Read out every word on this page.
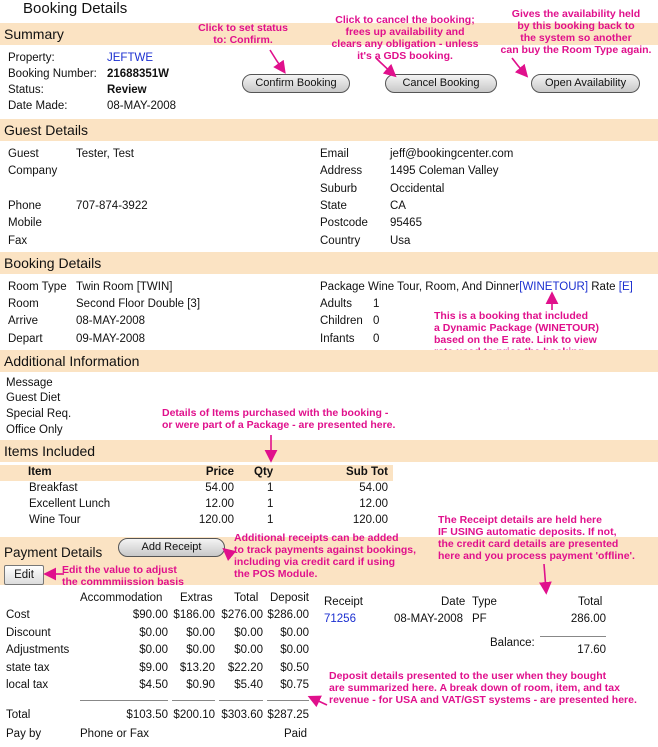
Booking Details
Summary
Property:	JEFTWE
Booking Number: 21688351W
Status:	Review
Date Made:	08-MAY-2008
Confirm Booking	Cancel Booking	Open Availability
Click to set status
to: Confirm.
Click to cancel the booking;
frees up availability and
clears any obligation - unless
it's a GDS booking.
Gives the availability held
by this booking back to
the system so another
can buy the Room Type again.
Guest Details
Guest	Tester, Test
Company
Phone	707-874-3922
Mobile
Fax
Email	jeff@bookingcenter.com
Address 1495 Coleman Valley
Suburb	Occidental
State	CA
Postcode 95465
Country	Usa
Booking Details
Room Type Twin Room [TWIN]
Room	Second Floor Double [3]
Arrive	08-MAY-2008
Depart	09-MAY-2008
Package Wine Tour, Room, And Dinner[WINETOUR] Rate [E]
Adults 1
Children 0
Infants 0
This is a booking that included
a Dynamic Package (WINETOUR)
based on the E rate. Link to view
Additional Information
Message
Guest Diet
Special Req.
Office Only
Details of Items purchased with the booking -
or were part of a Package - are presented here.
Items Included
Item	Price Qty	Sub Tot
Breakfast	54.00	1	54.00
Excellent Lunch	12.00	1	12.00
Wine Tour	120.00	1	120.00
Payment Details	Add Receipt
Edit
Additional receipts can be added
to track payments against bookings,
including via credit card if using
the POS Module.
Edit the value to adjust
the commmiission basis
The Receipt details are held here
IF USING automatic deposits. If not,
the credit card details are presented
here and you process payment 'offline'.
Accommodation Extras Total Deposit
Cost	$90.00 $186.00 $276.00 $286.00
Discount	$0.00	$0.00	$0.00	$0.00
Adjustments	$0.00	$0.00	$0.00	$0.00
state tax	$9.00	$13.20	$22.20	$0.50
local tax	$4.50	$0.90	$5.40	$0.75
Total	$103.50 $200.10 $303.60 $287.25
Pay by	Phone or Fax	Paid
Receipt	Date Type	Total
71256	08-MAY-2008 PF	286.00
Balance:
17.60
Deposit details presented to the user when they bought
are summarized here. A break down of room, item, and tax
revenue - for USA and VAT/GST systems - are presented here.
